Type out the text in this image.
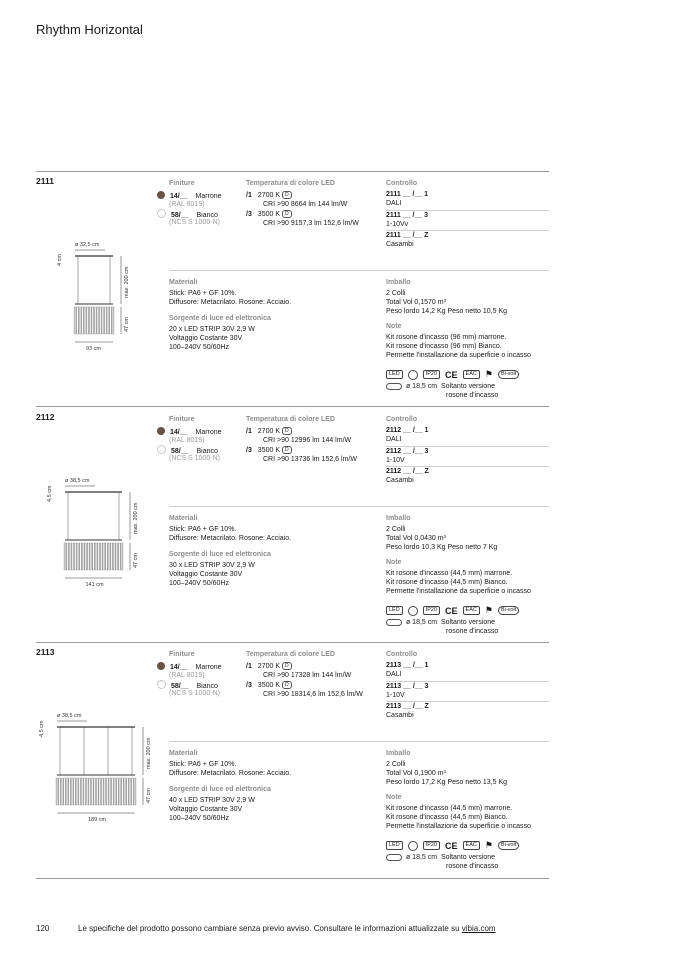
Rhythm Horizontal
2111
ø 32,5 cm
4 cm
max. 200 cm
47 cm
93 cm
Finiture
14/__ Marrone
(RAL 8019)
58/__ Bianco
(NCS S 1000-N)
Temperatura di colore LED
/1 2700 K D
CRI >90 8664 lm 144 lm/W
/3 3500 K D
CRI >90 9157,3 lm 152,6 lm/W
Controllo
2111 __ /__ 1
DALI
2111 __ /__ 3
1-10Vv
2111 __ /__ Z
Casambi
Materiali
Stick: PA6 + GF 10%.
Diffusore: Metacrilato. Rosone: Acciaio.
Sorgente di luce ed elettronica
20 x LED STRIP 30V 2,9 W
Voltaggio Costante 30V
100–240V 50/60Hz
Imballo
2 Colli
Total Vol 0,1570 m³
Peso lordo 14,2 Kg Peso netto 10,5 Kg
Note
Kit rosone d'incasso (96 mm) marrone.
Kit rosone d'incasso (96 mm) Bianco.
Permette l'installazione da superficie o incasso
LED	IP20 CE	EAC ⚑	Bi-volt
ø 18,5 cm Soltanto versione
rosone d'incasso
2112
ø 38,5 cm
4,5 cm
max. 200 cm
47 cm
141 cm
Finiture
14/__ Marrone
(RAL 8019)
58/__ Bianco
(NCS S 1000-N)
Temperatura di colore LED
/1 2700 K D
CRI >90 12996 lm 144 lm/W
/3 3500 K D
CRI >90 13736 lm 152,6 lm/W
Controllo
2112 __ /__ 1
DALI
2112 __ /__ 3
1-10V
2112 __ /__ Z
Casambi
Materiali
Stick: PA6 + GF 10%.
Diffusore: Metacrilato. Rosone: Acciaio.
Sorgente di luce ed elettronica
30 x LED STRIP 30V 2,9 W
Voltaggio Costante 30V
100–240V 50/60Hz
Imballo
2 Colli
Total Vol 0,0430 m³
Peso lordo 10,3 Kg Peso netto 7 Kg
Note
Kit rosone d'incasso (44,5 mm) marrone.
Kit rosone d'incasso (44,5 mm) Bianco.
Permette l'installazione da superficie o incasso
LED	IP20 CE	EAC ⚑	Bi-volt
ø 18,5 cm Soltanto versione
rosone d'incasso
2113
ø 38,5 cm
4,5 cm
max. 200 cm
47 cm
189 cm
Finiture
14/__ Marrone
(RAL 8019)
58/__ Bianco
(NCS S 1000-N)
Temperatura di colore LED
/1 2700 K D
CRI >90 17328 lm 144 lm/W
/3 3500 K D
CRI >90 18314,6 lm 152,6 lm/W
Controllo
2113 __ /__ 1
DALI
2113 __ /__ 3
1-10V
2113 __ /__ Z
Casambi
Materiali
Stick: PA6 + GF 10%.
Diffusore: Metacrilato. Rosone: Acciaio.
Sorgente di luce ed elettronica
40 x LED STRIP 30V 2,9 W
Voltaggio Costante 30V
100–240V 50/60Hz
Imballo
2 Colli
Total Vol 0,1900 m³
Peso lordo 17,2 Kg Peso netto 13,5 Kg
Note
Kit rosone d'incasso (44,5 mm) marrone.
Kit rosone d'incasso (44,5 mm) Bianco.
Permette l'installazione da superficie o incasso
LED	IP20 CE	EAC ⚑	Bi-volt
ø 18,5 cm Soltanto versione
rosone d'incasso
120	Le specifiche del prodotto possono cambiare senza previo avviso. Consultare le informazioni attualizzate su vibia.com
